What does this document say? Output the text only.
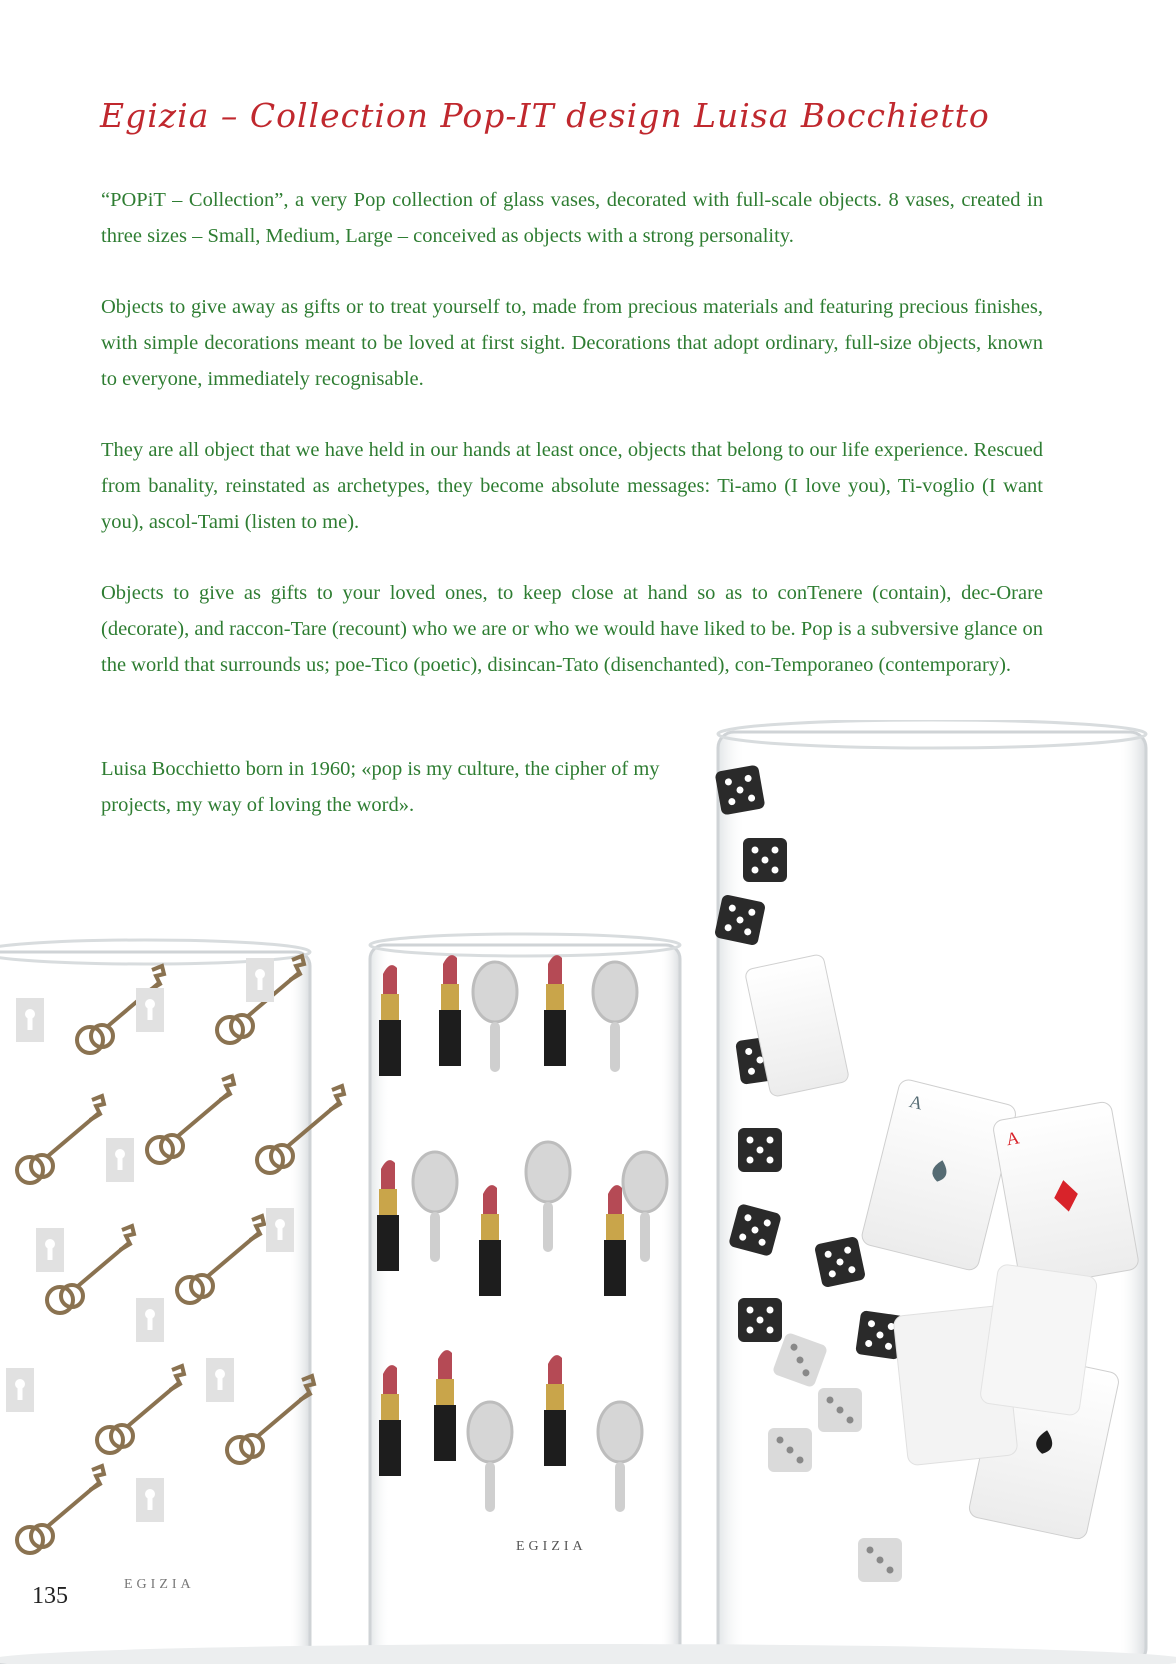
Egizia – Collection Pop-IT design Luisa Bocchietto

“POPiT – Collection”, a very Pop collection of glass vases, decorated with full-scale objects. 8 vases, created in three sizes – Small, Medium, Large – conceived as objects with a strong personality.

Objects to give away as gifts or to treat yourself to, made from precious materials and featuring precious finishes, with simple decorations meant to be loved at first sight. Decorations that adopt ordinary, full-size objects, known to everyone, immediately recognisable.

They are all object that we have held in our hands at least once, objects that belong to our life experience. Rescued from banality, reinstated as archetypes, they become absolute messages: Ti-amo (I love you), Ti-voglio (I want you), ascol-Tami (listen to me).

Objects to give as gifts to your loved ones, to keep close at hand so as to conTenere (contain), dec-Orare (decorate), and raccon-Tare (recount) who we are or who we would have liked to be. Pop is a subversive glance on the world that surrounds us; poe-Tico (poetic), disincan-Tato (disenchanted), con-Temporaneo (contemporary).

Luisa Bocchietto born in 1960; «pop is my culture, the cipher of my projects, my way of loving the word».
EGIZIA
EGIZIA
A
A
135
